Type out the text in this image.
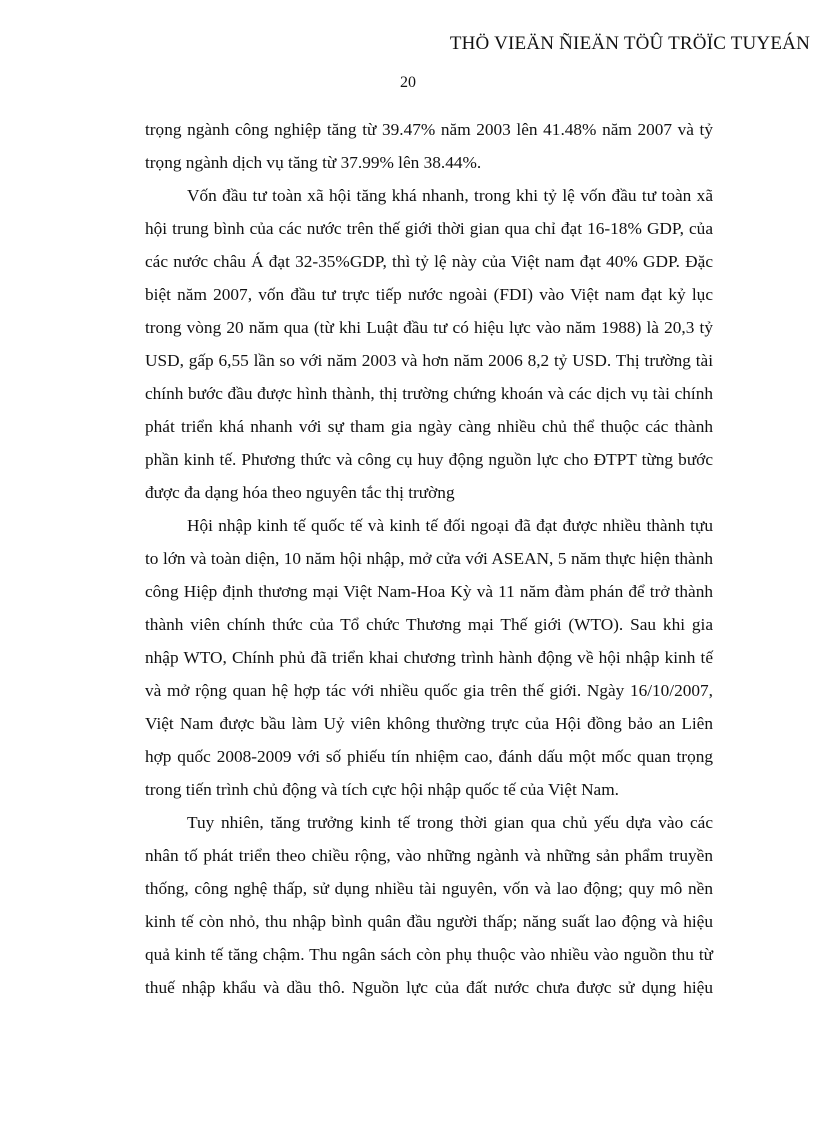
THÖ VIEÄN ÑIEÄN TÖÛ TRÖÏC TUYEÁN
20

trọng ngành công nghiệp tăng từ 39.47% năm 2003 lên 41.48% năm 2007 và tỷ trọng ngành dịch vụ tăng từ 37.99% lên 38.44%.

Vốn đầu tư toàn xã hội tăng khá nhanh, trong khi tỷ lệ vốn đầu tư toàn xã hội trung bình của các nước trên thế giới thời gian qua chỉ đạt 16-18% GDP, của các nước châu Á đạt 32-35%GDP, thì tỷ lệ này của Việt nam đạt 40% GDP. Đặc biệt năm 2007, vốn đầu tư trực tiếp nước ngoài (FDI) vào Việt nam đạt kỷ lục trong vòng 20 năm qua (từ khi Luật đầu tư có hiệu lực vào năm 1988) là 20,3 tỷ USD, gấp 6,55 lần so với năm 2003 và hơn năm 2006 8,2 tỷ USD. Thị trường tài chính bước đầu được hình thành, thị trường chứng khoán và các dịch vụ tài chính phát triển khá nhanh với sự tham gia ngày càng nhiều chủ thể thuộc các thành phần kinh tế. Phương thức và công cụ huy động nguồn lực cho ĐTPT từng bước được đa dạng hóa theo nguyên tắc thị trường

Hội nhập kinh tế quốc tế và kinh tế đối ngoại đã đạt được nhiều thành tựu to lớn và toàn diện, 10 năm hội nhập, mở cửa với ASEAN, 5 năm thực hiện thành công Hiệp định thương mại Việt Nam-Hoa Kỳ và 11 năm đàm phán để trở thành thành viên chính thức của Tổ chức Thương mại Thế giới (WTO). Sau khi gia nhập WTO, Chính phủ đã triển khai chương trình hành động về hội nhập kinh tế và mở rộng quan hệ hợp tác với nhiều quốc gia trên thế giới. Ngày 16/10/2007, Việt Nam được bầu làm Uỷ viên không thường trực của Hội đồng bảo an Liên hợp quốc 2008-2009 với số phiếu tín nhiệm cao, đánh dấu một mốc quan trọng trong tiến trình chủ động và tích cực hội nhập quốc tế của Việt Nam.

Tuy nhiên, tăng trưởng kinh tế trong thời gian qua chủ yếu dựa vào các nhân tố phát triển theo chiều rộng, vào những ngành và những sản phẩm truyền thống, công nghệ thấp, sử dụng nhiều tài nguyên, vốn và lao động; quy mô nền kinh tế còn nhỏ, thu nhập bình quân đầu người thấp; năng suất lao động và hiệu quả kinh tế tăng chậm. Thu ngân sách còn phụ thuộc vào nhiều vào nguồn thu từ thuế nhập khẩu và dầu thô. Nguồn lực của đất nước chưa được sử dụng hiệu
